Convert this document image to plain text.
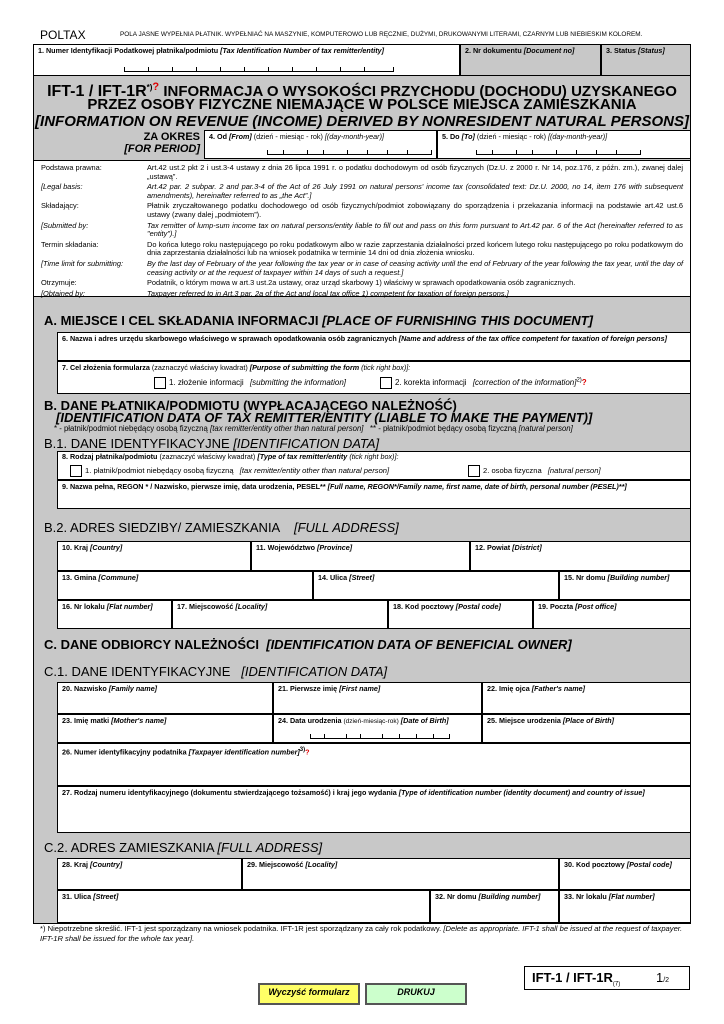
POLTAX	POLA JASNE WYPEŁNIA PŁATNIK. WYPEŁNIAĆ NA MASZYNIE, KOMPUTEROWO LUB RĘCZNIE, DUŻYMI, DRUKOWANYMI LITERAMI, CZARNYM LUB NIEBIESKIM KOLOREM.
1. Numer Identyfikacji Podatkowej płatnika/podmiotu [Tax Identification Number of tax remitter/entity]	2. Nr dokumentu [Document no]	3. Status [Status]
IFT-1 / IFT-1R*)? INFORMACJA O WYSOKOŚCI PRZYCHODU (DOCHODU) UZYSKANEGO
PRZEZ OSOBY FIZYCZNE NIEMAJĄCE W POLSCE MIEJSCA ZAMIESZKANIA
[INFORMATION ON REVENUE (INCOME) DERIVED BY NONRESIDENT NATURAL PERSONS]
ZA OKRES
[FOR PERIOD]
4. Od [From] (dzień - miesiąc - rok) [(day-month-year)]	5. Do [To] (dzień - miesiąc - rok) [(day-month-year)]
Podstawa prawna:	Art.42 ust.2 pkt 2 i ust.3-4 ustawy z dnia 26 lipca 1991 r. o podatku dochodowym od osób fizycznych (Dz.U. z 2000 r. Nr 14, poz.176, z późn. zm.), zwanej dalej „ustawą”.
[Legal basis:	Art.42 par. 2 subpar. 2 and par.3-4 of the Act of 26 July 1991 on natural persons' income tax (consolidated text: Dz.U. 2000, no 14, item 176 with subsequent amendments), hereinafter referred to as „the Act”.]
Składający:	Płatnik zryczałtowanego podatku dochodowego od osób fizycznych/podmiot zobowiązany do sporządzenia i przekazania informacji na podstawie art.42 ust.6 ustawy (zwany dalej „podmiotem”).
[Submitted by:	Tax remitter of lump-sum income tax on natural persons/entity liable to fill out and pass on this form pursuant to Art.42 par. 6 of the Act (hereinafter referred to as "entity").]
Termin składania:	Do końca lutego roku następującego po roku podatkowym albo w razie zaprzestania działalności przed końcem lutego roku następującego po roku podatkowym do dnia zaprzestania działalności lub na wniosek podatnika w terminie 14 dni od dnia złożenia wniosku.
[Time limit for submitting:	By the last day of February of the year following the tax year or in case of ceasing activity until the end of February of the year following the tax year, until the day of ceasing activity or at the request of taxpayer within 14 days of such a request.]
Otrzymuje:	Podatnik, o którym mowa w art.3 ust.2a ustawy, oraz urząd skarbowy 1) właściwy w sprawach opodatkowania osób zagranicznych.
[Obtained by:	Taxpayer referred to in Art.3 par. 2a of the Act and local tax office 1) competent for taxation of foreign persons.]
A. MIEJSCE I CEL SKŁADANIA INFORMACJI [PLACE OF FURNISHING THIS DOCUMENT]
6. Nazwa i adres urzędu skarbowego właściwego w sprawach opodatkowania osób zagranicznych [Name and address of the tax office competent for taxation of foreign persons]
7. Cel złożenia formularza (zaznaczyć właściwy kwadrat) [Purpose of submitting the form (tick right box)]:
1. złożenie informacji [submitting the information]	2. korekta informacji [correction of the information]$^{2)}$?
B. DANE PŁATNIKA/PODMIOTU (WYPŁACAJĄCEGO NALEŻNOŚĆ)
[IDENTIFICATION DATA OF TAX REMITTER/ENTITY (LIABLE TO MAKE THE PAYMENT)]
* - płatnik/podmiot niebędący osobą fizyczną [tax remitter/entity other than natural person] ** - płatnik/podmiot będący osobą fizyczną [natural person]
B.1. DANE IDENTYFIKACYJNE [IDENTIFICATION DATA]
8. Rodzaj płatnika/podmiotu (zaznaczyć właściwy kwadrat) [Type of tax remitter/entity (tick right box)]:
1. płatnik/podmiot niebędący osobą fizyczną [tax remitter/entity other than natural person]	2. osoba fizyczna [natural person]
9. Nazwa pełna, REGON * / Nazwisko, pierwsze imię, data urodzenia, PESEL** [Full name, REGON*/Family name, first name, date of birth, personal number (PESEL)**]
B.2. ADRES SIEDZIBY/ ZAMIESZKANIA [FULL ADDRESS]
10. Kraj [Country]	11. Województwo [Province]	12. Powiat [District]
13. Gmina [Commune]	14. Ulica [Street]	15. Nr domu [Building number]
16. Nr lokalu [Flat number]	17. Miejscowość [Locality]	18. Kod pocztowy [Postal code]	19. Poczta [Post office]
C. DANE ODBIORCY NALEŻNOŚCI [IDENTIFICATION DATA OF BENEFICIAL OWNER]
C.1. DANE IDENTYFIKACYJNE [IDENTIFICATION DATA]
20. Nazwisko [Family name]	21. Pierwsze imię [First name]	22. Imię ojca [Father's name]
23. Imię matki [Mother's name]	24. Data urodzenia (dzień-miesiąc-rok) [Date of Birth]	25. Miejsce urodzenia [Place of Birth]
26. Numer identyfikacyjny podatnika [Taxpayer identification number]$^{3)}$?
27. Rodzaj numeru identyfikacyjnego (dokumentu stwierdzającego tożsamość) i kraj jego wydania [Type of identification number (identity document) and country of issue]
C.2. ADRES ZAMIESZKANIA [FULL ADDRESS]
28. Kraj [Country]	29. Miejscowość [Locality]	30. Kod pocztowy [Postal code]
31. Ulica [Street]	32. Nr domu [Building number]	33. Nr lokalu [Flat number]
*) Niepotrzebne skreślić. IFT-1 jest sporządzany na wniosek podatnika. IFT-1R jest sporządzany za cały rok podatkowy. [Delete as appropriate. IFT-1 shall be issued at the request of taxpayer. IFT-1R shall be issued for the whole tax year].
IFT-1 / IFT-$1R_{(7)}$	1/2
Wyczyść formularz	DRUKUJ
